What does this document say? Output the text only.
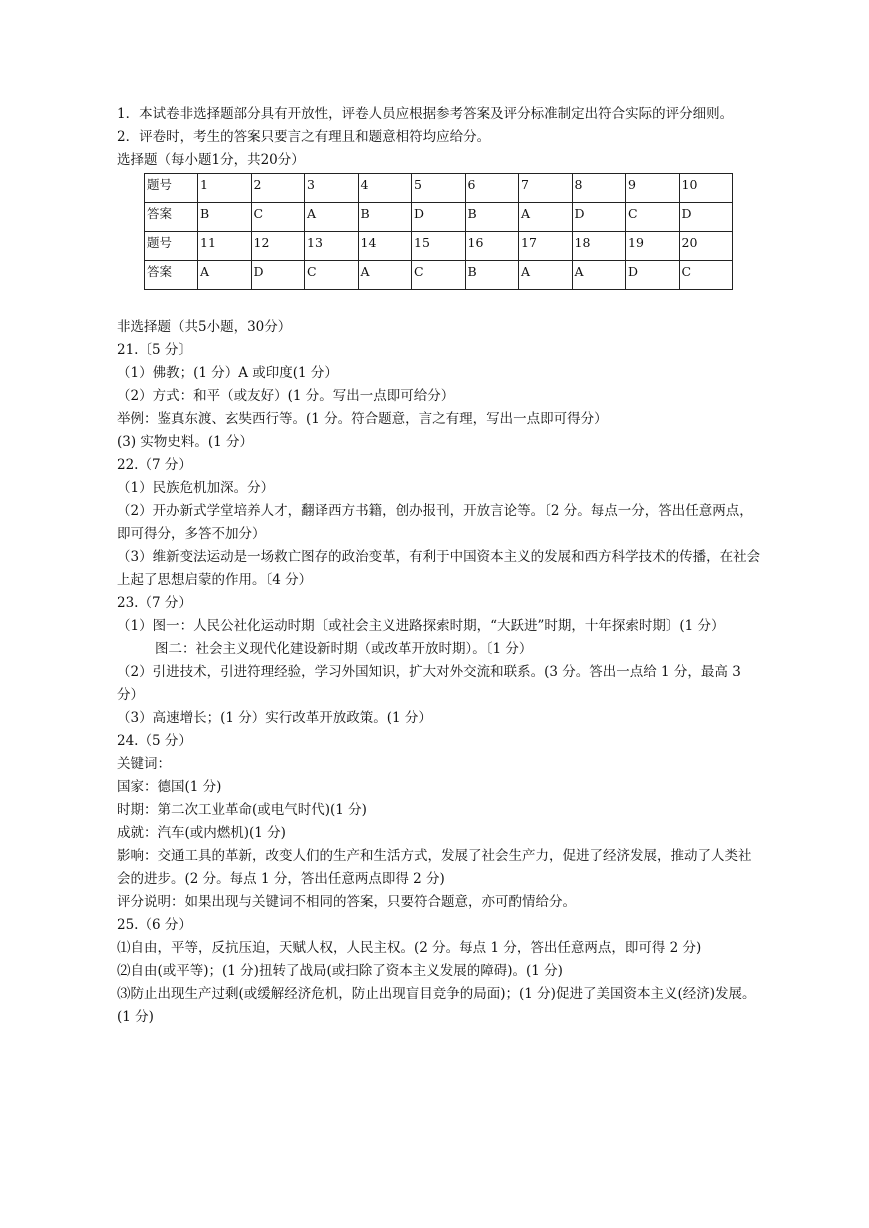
1．本试卷非选择题部分具有开放性，评卷人员应根据参考答案及评分标准制定出符合实际的评分细则。
2．评卷时，考生的答案只要言之有理且和题意相符均应给分。
选择题（每小题1分，共20分）
题号	1	2	3	4	5	6	7	8	9	10
答案	B	C	A	B	D	B	A	D	C	D
题号	11	12	13	14	15	16	17	18	19	20
答案	A	D	C	A	C	B	A	A	D	C
非选择题（共5小题，30分）
21.〔5 分〕
（1）佛教；(1 分）A 或印度(1 分）
（2）方式：和平（或友好）(1 分。写出一点即可给分）
举例：鉴真东渡、玄奘西行等。(1 分。符合题意，言之有理，写出一点即可得分）
(3) 实物史料。(1 分）
22.（7 分）
（1）民族危机加深。分）
（2）开办新式学堂培养人才，翻译西方书籍，创办报刊，开放言论等。〔2 分。每点一分，答出任意两点，即可得分，多答不加分）
（3）维新变法运动是一场救亡图存的政治变革，有利于中国资本主义的发展和西方科学技术的传播，在社会上起了思想启蒙的作用。〔4 分）
23.（7 分）
（1）图一：人民公社化运动时期〔或社会主义进路探索时期，“大跃进”时期，十年探索时期〕(1 分）
图二：社会主义现代化建设新时期（或改革开放时期）。〔1 分）
（2）引进技术，引进符理经验，学习外国知识，扩大对外交流和联系。(3 分。答出一点给 1 分，最高 3 分）
（3）高速增长；(1 分）实行改革开放政策。(1 分）
24.（5 分）
关键词：
国家：德国(1 分)
时期：第二次工业革命(或电气时代)(1 分)
成就：汽车(或内燃机)(1 分)
影响：交通工具的革新，改变人们的生产和生活方式，发展了社会生产力，促进了经济发展，推动了人类社会的进步。(2 分。每点 1 分，答出任意两点即得 2 分)
评分说明：如果出现与关键词不相同的答案，只要符合题意，亦可酌情给分。
25.（6 分）
⑴自由，平等，反抗压迫，天赋人权，人民主权。(2 分。每点 1 分，答出任意两点，即可得 2 分)
⑵自由(或平等)；(1 分)扭转了战局(或扫除了资本主义发展的障碍)。(1 分)
⑶防止出现生产过剩(或缓解经济危机，防止出现盲目竞争的局面)；(1 分)促进了美国资本主义(经济)发展。(1 分)
